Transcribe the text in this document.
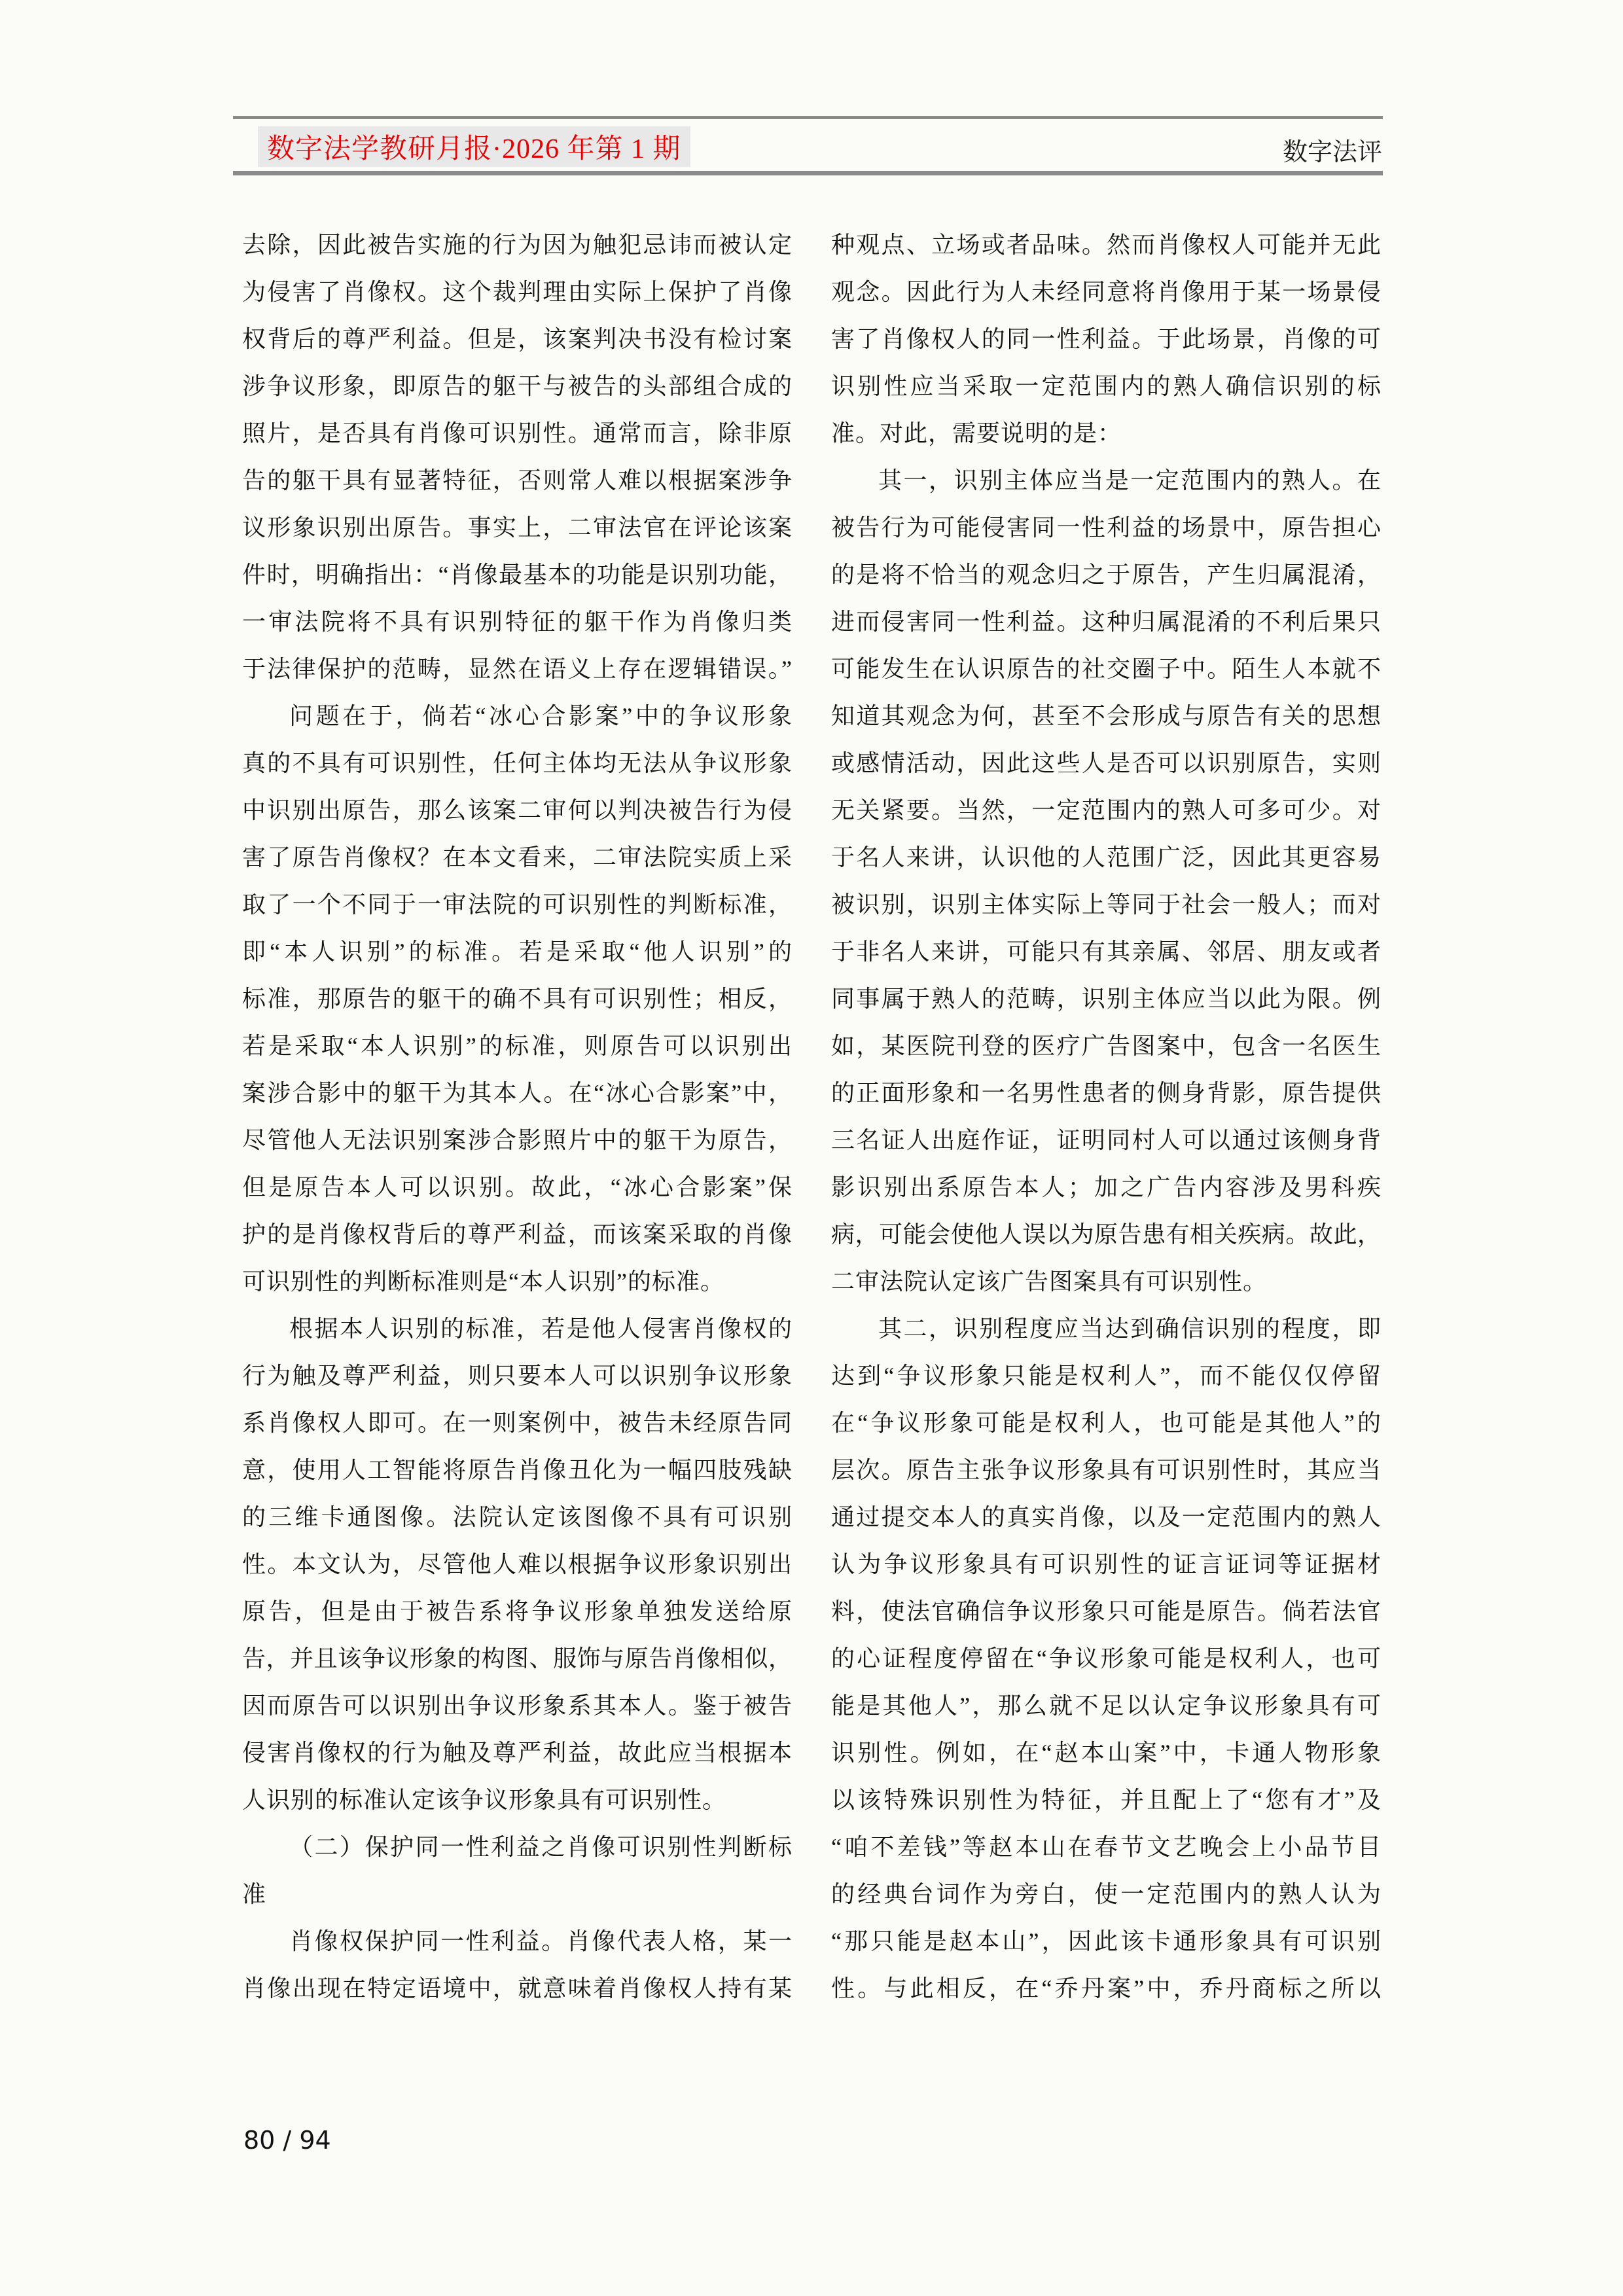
数字法学教研月报·2026 年第 1 期	数字法评
去除，因此被告实施的行为因为触犯忌讳而被认定
为侵害了肖像权。这个裁判理由实际上保护了肖像
权背后的尊严利益。但是，该案判决书没有检讨案
涉争议形象，即原告的躯干与被告的头部组合成的
照片，是否具有肖像可识别性。通常而言，除非原
告的躯干具有显著特征，否则常人难以根据案涉争
议形象识别出原告。事实上，二审法官在评论该案
件时，明确指出：“肖像最基本的功能是识别功能，
一审法院将不具有识别特征的躯干作为肖像归类
于法律保护的范畴，显然在语义上存在逻辑错误。”
问题在于，倘若“冰心合影案”中的争议形象
真的不具有可识别性，任何主体均无法从争议形象
中识别出原告，那么该案二审何以判决被告行为侵
害了原告肖像权？在本文看来，二审法院实质上采
取了一个不同于一审法院的可识别性的判断标准，
即“本人识别”的标准。若是采取“他人识别”的
标准，那原告的躯干的确不具有可识别性；相反，
若是采取“本人识别”的标准，则原告可以识别出
案涉合影中的躯干为其本人。在“冰心合影案”中，
尽管他人无法识别案涉合影照片中的躯干为原告，
但是原告本人可以识别。故此，“冰心合影案”保
护的是肖像权背后的尊严利益，而该案采取的肖像
可识别性的判断标准则是“本人识别”的标准。
根据本人识别的标准，若是他人侵害肖像权的
行为触及尊严利益，则只要本人可以识别争议形象
系肖像权人即可。在一则案例中，被告未经原告同
意，使用人工智能将原告肖像丑化为一幅四肢残缺
的三维卡通图像。法院认定该图像不具有可识别
性。本文认为，尽管他人难以根据争议形象识别出
原告，但是由于被告系将争议形象单独发送给原
告，并且该争议形象的构图、服饰与原告肖像相似，
因而原告可以识别出争议形象系其本人。鉴于被告
侵害肖像权的行为触及尊严利益，故此应当根据本
人识别的标准认定该争议形象具有可识别性。
（二）保护同一性利益之肖像可识别性判断标
准
肖像权保护同一性利益。肖像代表人格，某一
肖像出现在特定语境中，就意味着肖像权人持有某
种观点、立场或者品味。然而肖像权人可能并无此
观念。因此行为人未经同意将肖像用于某一场景侵
害了肖像权人的同一性利益。于此场景，肖像的可
识别性应当采取一定范围内的熟人确信识别的标
准。对此，需要说明的是：
其一，识别主体应当是一定范围内的熟人。在
被告行为可能侵害同一性利益的场景中，原告担心
的是将不恰当的观念归之于原告，产生归属混淆，
进而侵害同一性利益。这种归属混淆的不利后果只
可能发生在认识原告的社交圈子中。陌生人本就不
知道其观念为何，甚至不会形成与原告有关的思想
或感情活动，因此这些人是否可以识别原告，实则
无关紧要。当然，一定范围内的熟人可多可少。对
于名人来讲，认识他的人范围广泛，因此其更容易
被识别，识别主体实际上等同于社会一般人；而对
于非名人来讲，可能只有其亲属、邻居、朋友或者
同事属于熟人的范畴，识别主体应当以此为限。例
如，某医院刊登的医疗广告图案中，包含一名医生
的正面形象和一名男性患者的侧身背影，原告提供
三名证人出庭作证，证明同村人可以通过该侧身背
影识别出系原告本人；加之广告内容涉及男科疾
病，可能会使他人误以为原告患有相关疾病。故此，
二审法院认定该广告图案具有可识别性。
其二，识别程度应当达到确信识别的程度，即
达到“争议形象只能是权利人”，而不能仅仅停留
在“争议形象可能是权利人，也可能是其他人”的
层次。原告主张争议形象具有可识别性时，其应当
通过提交本人的真实肖像，以及一定范围内的熟人
认为争议形象具有可识别性的证言证词等证据材
料，使法官确信争议形象只可能是原告。倘若法官
的心证程度停留在“争议形象可能是权利人，也可
能是其他人”，那么就不足以认定争议形象具有可
识别性。例如，在“赵本山案”中，卡通人物形象
以该特殊识别性为特征，并且配上了“您有才”及
“咱不差钱”等赵本山在春节文艺晚会上小品节目
的经典台词作为旁白，使一定范围内的熟人认为
“那只能是赵本山”，因此该卡通形象具有可识别
性。与此相反，在“乔丹案”中，乔丹商标之所以
80 / 94
